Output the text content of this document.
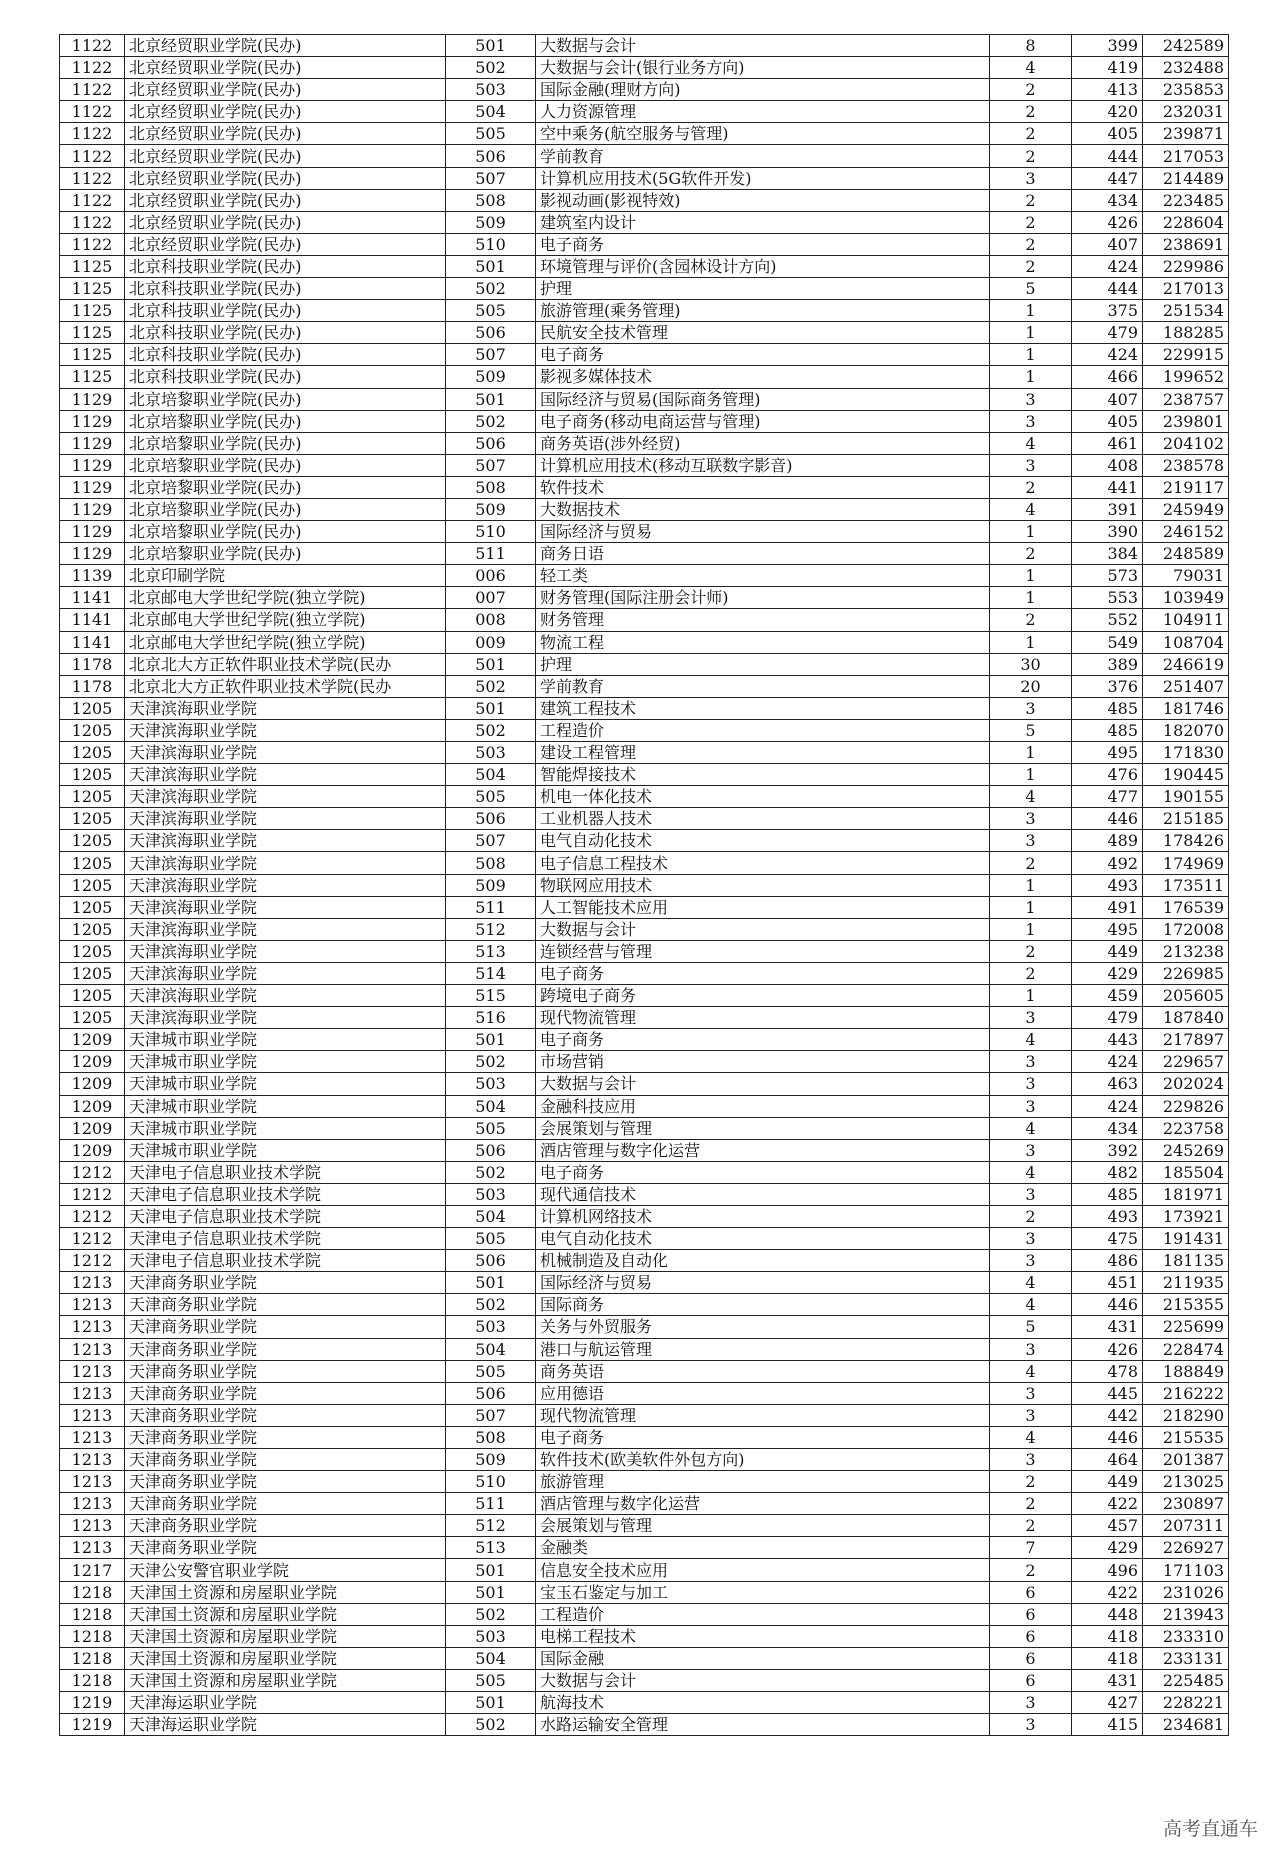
1122	北京经贸职业学院(民办)	501	大数据与会计	8	399	242589
1122	北京经贸职业学院(民办)	502	大数据与会计(银行业务方向)	4	419	232488
1122	北京经贸职业学院(民办)	503	国际金融(理财方向)	2	413	235853
1122	北京经贸职业学院(民办)	504	人力资源管理	2	420	232031
1122	北京经贸职业学院(民办)	505	空中乘务(航空服务与管理)	2	405	239871
1122	北京经贸职业学院(民办)	506	学前教育	2	444	217053
1122	北京经贸职业学院(民办)	507	计算机应用技术(5G软件开发)	3	447	214489
1122	北京经贸职业学院(民办)	508	影视动画(影视特效)	2	434	223485
1122	北京经贸职业学院(民办)	509	建筑室内设计	2	426	228604
1122	北京经贸职业学院(民办)	510	电子商务	2	407	238691
1125	北京科技职业学院(民办)	501	环境管理与评价(含园林设计方向)	2	424	229986
1125	北京科技职业学院(民办)	502	护理	5	444	217013
1125	北京科技职业学院(民办)	505	旅游管理(乘务管理)	1	375	251534
1125	北京科技职业学院(民办)	506	民航安全技术管理	1	479	188285
1125	北京科技职业学院(民办)	507	电子商务	1	424	229915
1125	北京科技职业学院(民办)	509	影视多媒体技术	1	466	199652
1129	北京培黎职业学院(民办)	501	国际经济与贸易(国际商务管理)	3	407	238757
1129	北京培黎职业学院(民办)	502	电子商务(移动电商运营与管理)	3	405	239801
1129	北京培黎职业学院(民办)	506	商务英语(涉外经贸)	4	461	204102
1129	北京培黎职业学院(民办)	507	计算机应用技术(移动互联数字影音)	3	408	238578
1129	北京培黎职业学院(民办)	508	软件技术	2	441	219117
1129	北京培黎职业学院(民办)	509	大数据技术	4	391	245949
1129	北京培黎职业学院(民办)	510	国际经济与贸易	1	390	246152
1129	北京培黎职业学院(民办)	511	商务日语	2	384	248589
1139	北京印刷学院	006	轻工类	1	573	79031
1141	北京邮电大学世纪学院(独立学院)	007	财务管理(国际注册会计师)	1	553	103949
1141	北京邮电大学世纪学院(独立学院)	008	财务管理	2	552	104911
1141	北京邮电大学世纪学院(独立学院)	009	物流工程	1	549	108704
1178	北京北大方正软件职业技术学院(民办	501	护理	30	389	246619
1178	北京北大方正软件职业技术学院(民办	502	学前教育	20	376	251407
1205	天津滨海职业学院	501	建筑工程技术	3	485	181746
1205	天津滨海职业学院	502	工程造价	5	485	182070
1205	天津滨海职业学院	503	建设工程管理	1	495	171830
1205	天津滨海职业学院	504	智能焊接技术	1	476	190445
1205	天津滨海职业学院	505	机电一体化技术	4	477	190155
1205	天津滨海职业学院	506	工业机器人技术	3	446	215185
1205	天津滨海职业学院	507	电气自动化技术	3	489	178426
1205	天津滨海职业学院	508	电子信息工程技术	2	492	174969
1205	天津滨海职业学院	509	物联网应用技术	1	493	173511
1205	天津滨海职业学院	511	人工智能技术应用	1	491	176539
1205	天津滨海职业学院	512	大数据与会计	1	495	172008
1205	天津滨海职业学院	513	连锁经营与管理	2	449	213238
1205	天津滨海职业学院	514	电子商务	2	429	226985
1205	天津滨海职业学院	515	跨境电子商务	1	459	205605
1205	天津滨海职业学院	516	现代物流管理	3	479	187840
1209	天津城市职业学院	501	电子商务	4	443	217897
1209	天津城市职业学院	502	市场营销	3	424	229657
1209	天津城市职业学院	503	大数据与会计	3	463	202024
1209	天津城市职业学院	504	金融科技应用	3	424	229826
1209	天津城市职业学院	505	会展策划与管理	4	434	223758
1209	天津城市职业学院	506	酒店管理与数字化运营	3	392	245269
1212	天津电子信息职业技术学院	502	电子商务	4	482	185504
1212	天津电子信息职业技术学院	503	现代通信技术	3	485	181971
1212	天津电子信息职业技术学院	504	计算机网络技术	2	493	173921
1212	天津电子信息职业技术学院	505	电气自动化技术	3	475	191431
1212	天津电子信息职业技术学院	506	机械制造及自动化	3	486	181135
1213	天津商务职业学院	501	国际经济与贸易	4	451	211935
1213	天津商务职业学院	502	国际商务	4	446	215355
1213	天津商务职业学院	503	关务与外贸服务	5	431	225699
1213	天津商务职业学院	504	港口与航运管理	3	426	228474
1213	天津商务职业学院	505	商务英语	4	478	188849
1213	天津商务职业学院	506	应用德语	3	445	216222
1213	天津商务职业学院	507	现代物流管理	3	442	218290
1213	天津商务职业学院	508	电子商务	4	446	215535
1213	天津商务职业学院	509	软件技术(欧美软件外包方向)	3	464	201387
1213	天津商务职业学院	510	旅游管理	2	449	213025
1213	天津商务职业学院	511	酒店管理与数字化运营	2	422	230897
1213	天津商务职业学院	512	会展策划与管理	2	457	207311
1213	天津商务职业学院	513	金融类	7	429	226927
1217	天津公安警官职业学院	501	信息安全技术应用	2	496	171103
1218	天津国土资源和房屋职业学院	501	宝玉石鉴定与加工	6	422	231026
1218	天津国土资源和房屋职业学院	502	工程造价	6	448	213943
1218	天津国土资源和房屋职业学院	503	电梯工程技术	6	418	233310
1218	天津国土资源和房屋职业学院	504	国际金融	6	418	233131
1218	天津国土资源和房屋职业学院	505	大数据与会计	6	431	225485
1219	天津海运职业学院	501	航海技术	3	427	228221
1219	天津海运职业学院	502	水路运输安全管理	3	415	234681
高考直通车
